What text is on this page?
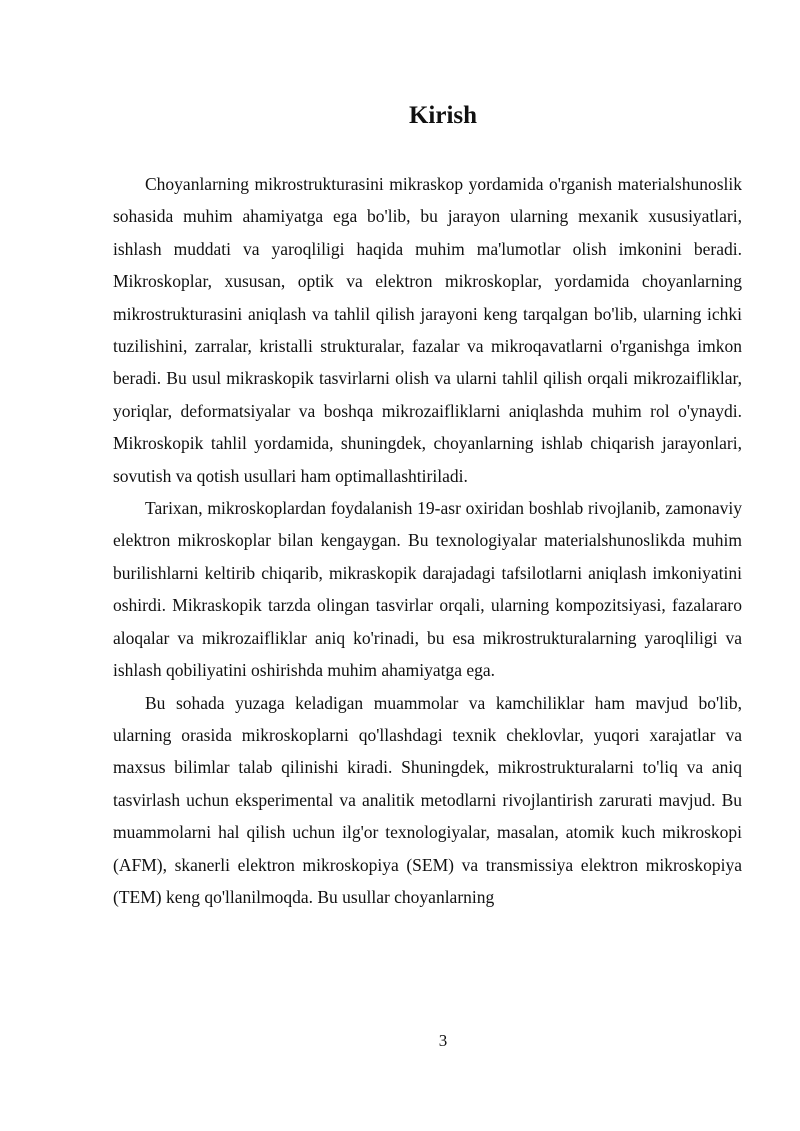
Kirish

Choyanlarning mikrostrukturasini mikraskop yordamida o'rganish materialshunoslik sohasida muhim ahamiyatga ega bo'lib, bu jarayon ularning mexanik xususiyatlari, ishlash muddati va yaroqliligi haqida muhim ma'lumotlar olish imkonini beradi. Mikroskoplar, xususan, optik va elektron mikroskoplar, yordamida choyanlarning mikrostrukturasini aniqlash va tahlil qilish jarayoni keng tarqalgan bo'lib, ularning ichki tuzilishini, zarralar, kristalli strukturalar, fazalar va mikroqavatlarni o'rganishga imkon beradi. Bu usul mikraskopik tasvirlarni olish va ularni tahlil qilish orqali mikrozaifliklar, yoriqlar, deformatsiyalar va boshqa mikrozaifliklarni aniqlashda muhim rol o'ynaydi. Mikroskopik tahlil yordamida, shuningdek, choyanlarning ishlab chiqarish jarayonlari, sovutish va qotish usullari ham optimallashtiriladi.

Tarixan, mikroskoplardan foydalanish 19-asr oxiridan boshlab rivojlanib, zamonaviy elektron mikroskoplar bilan kengaygan. Bu texnologiyalar materialshunoslikda muhim burilishlarni keltirib chiqarib, mikraskopik darajadagi tafsilotlarni aniqlash imkoniyatini oshirdi. Mikraskopik tarzda olingan tasvirlar orqali, ularning kompozitsiyasi, fazalararo aloqalar va mikrozaifliklar aniq ko'rinadi, bu esa mikrostrukturalarning yaroqliligi va ishlash qobiliyatini oshirishda muhim ahamiyatga ega.

Bu sohada yuzaga keladigan muammolar va kamchiliklar ham mavjud bo'lib, ularning orasida mikroskoplarni qo'llashdagi texnik cheklovlar, yuqori xarajatlar va maxsus bilimlar talab qilinishi kiradi. Shuningdek, mikrostrukturalarni to'liq va aniq tasvirlash uchun eksperimental va analitik metodlarni rivojlantirish zarurati mavjud. Bu muammolarni hal qilish uchun ilg'or texnologiyalar, masalan, atomik kuch mikroskopi (AFM), skanerli elektron mikroskopiya (SEM) va transmissiya elektron mikroskopiya (TEM) keng qo'llanilmoqda. Bu usullar choyanlarning

3
